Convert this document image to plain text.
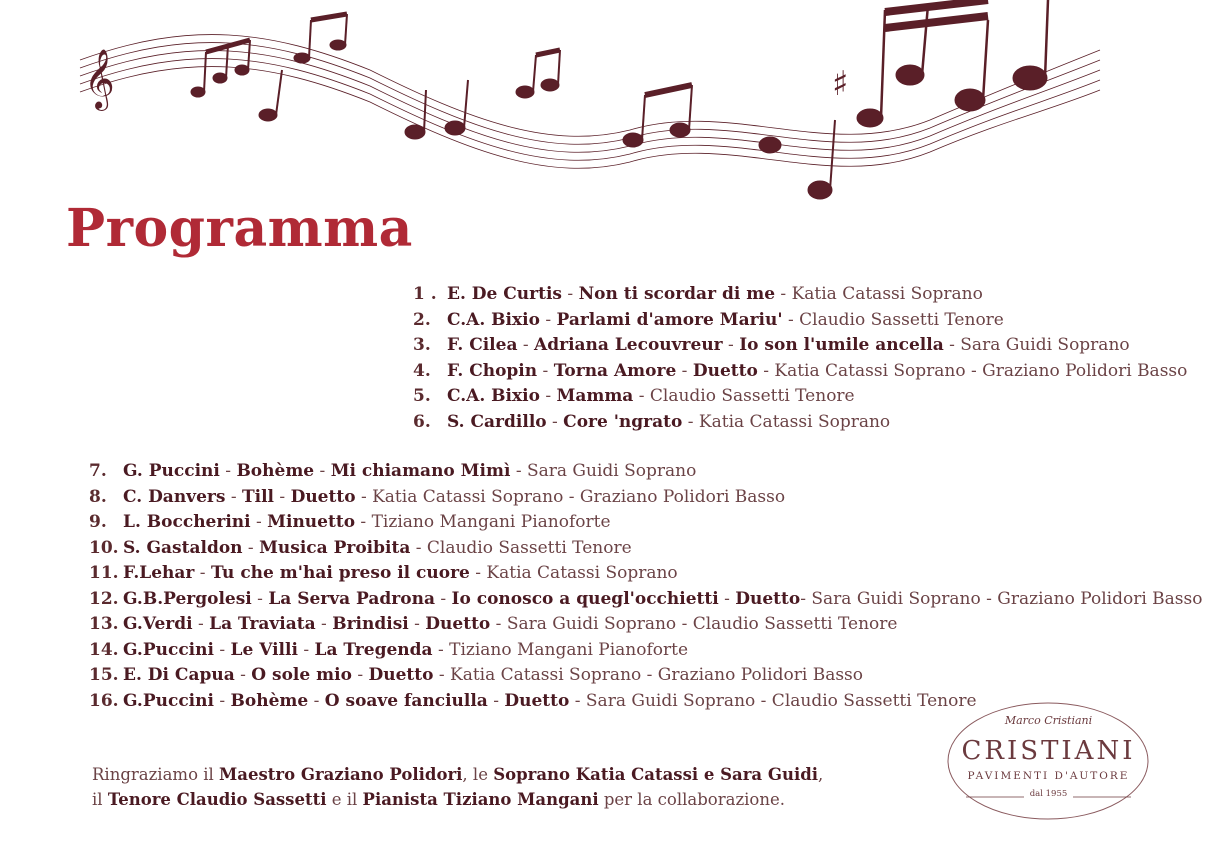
𝄞	♯
Programma
1 . E. De Curtis - Non ti scordar di me - Katia Catassi Soprano
2. C.A. Bixio - Parlami d'amore Mariu' - Claudio Sassetti Tenore
3. F. Cilea - Adriana Lecouvreur - Io son l'umile ancella - Sara Guidi Soprano
4. F. Chopin - Torna Amore - Duetto - Katia Catassi Soprano - Graziano Polidori Basso
5. C.A. Bixio - Mamma - Claudio Sassetti Tenore
6. S. Cardillo - Core 'ngrato - Katia Catassi Soprano
7. G. Puccini - Bohème - Mi chiamano Mimì - Sara Guidi Soprano
8. C. Danvers - Till - Duetto - Katia Catassi Soprano - Graziano Polidori Basso
9. L. Boccherini - Minuetto - Tiziano Mangani Pianoforte
10. S. Gastaldon - Musica Proibita - Claudio Sassetti Tenore
11. F.Lehar - Tu che m'hai preso il cuore - Katia Catassi Soprano
12. G.B.Pergolesi - La Serva Padrona - Io conosco a quegl'occhietti - Duetto- Sara Guidi Soprano - Graziano Polidori Basso
13. G.Verdi - La Traviata - Brindisi - Duetto - Sara Guidi Soprano - Claudio Sassetti Tenore
14. G.Puccini - Le Villi - La Tregenda - Tiziano Mangani Pianoforte
15. E. Di Capua - O sole mio - Duetto - Katia Catassi Soprano - Graziano Polidori Basso
16. G.Puccini - Bohème - O soave fanciulla - Duetto - Sara Guidi Soprano - Claudio Sassetti Tenore
Ringraziamo il Maestro Graziano Polidori, le Soprano Katia Catassi e Sara Guidi,
il Tenore Claudio Sassetti e il Pianista Tiziano Mangani per la collaborazione.
Marco Cristiani
CRISTIANI
PAVIMENTI D'AUTORE
dal 1955
